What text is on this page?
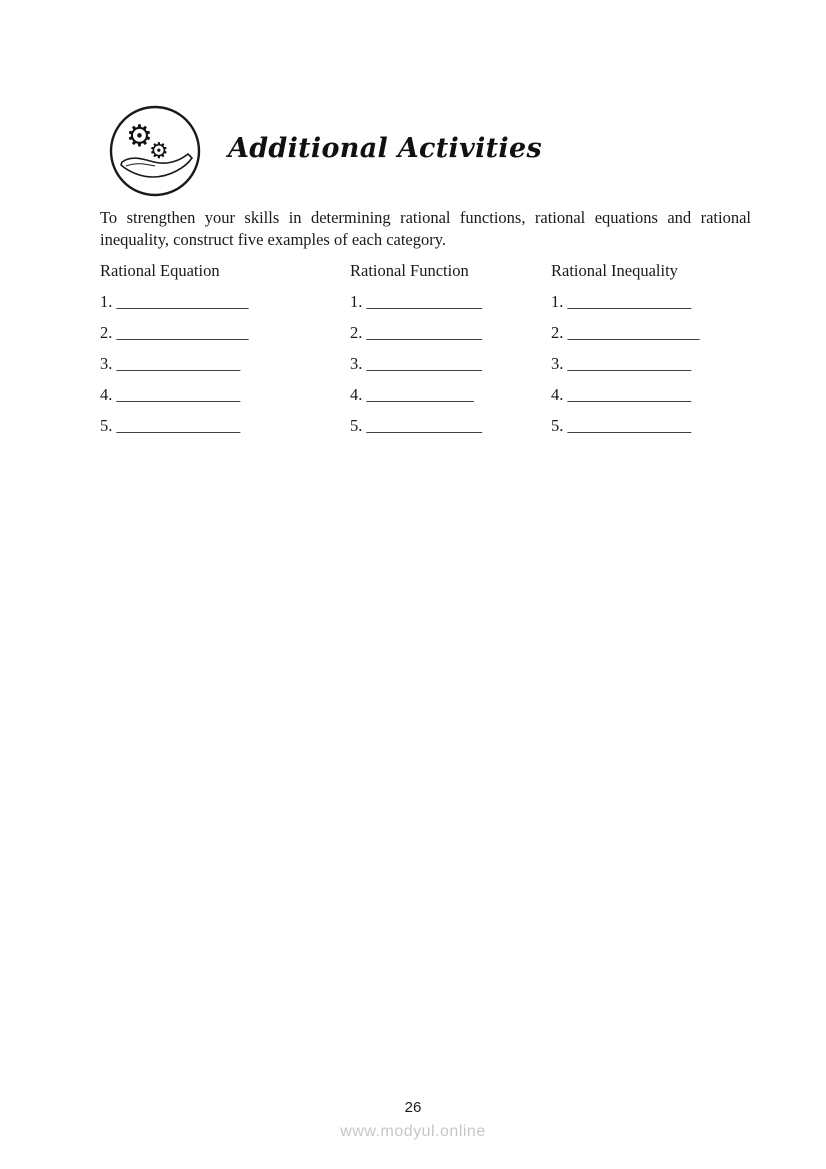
⚙
⚙ Additional Activities

To strengthen your skills in determining rational functions, rational equations and rational inequality, construct five examples of each category.

Rational Equation
1. ________________
2. ________________
3. _______________
4. _______________
5. _______________
Rational Function
1. ______________
2. ______________
3. ______________
4. _____________
5. ______________
Rational Inequality
1. _______________
2. ________________
3. _______________
4. _______________
5. _______________
26
www.modyul.online
